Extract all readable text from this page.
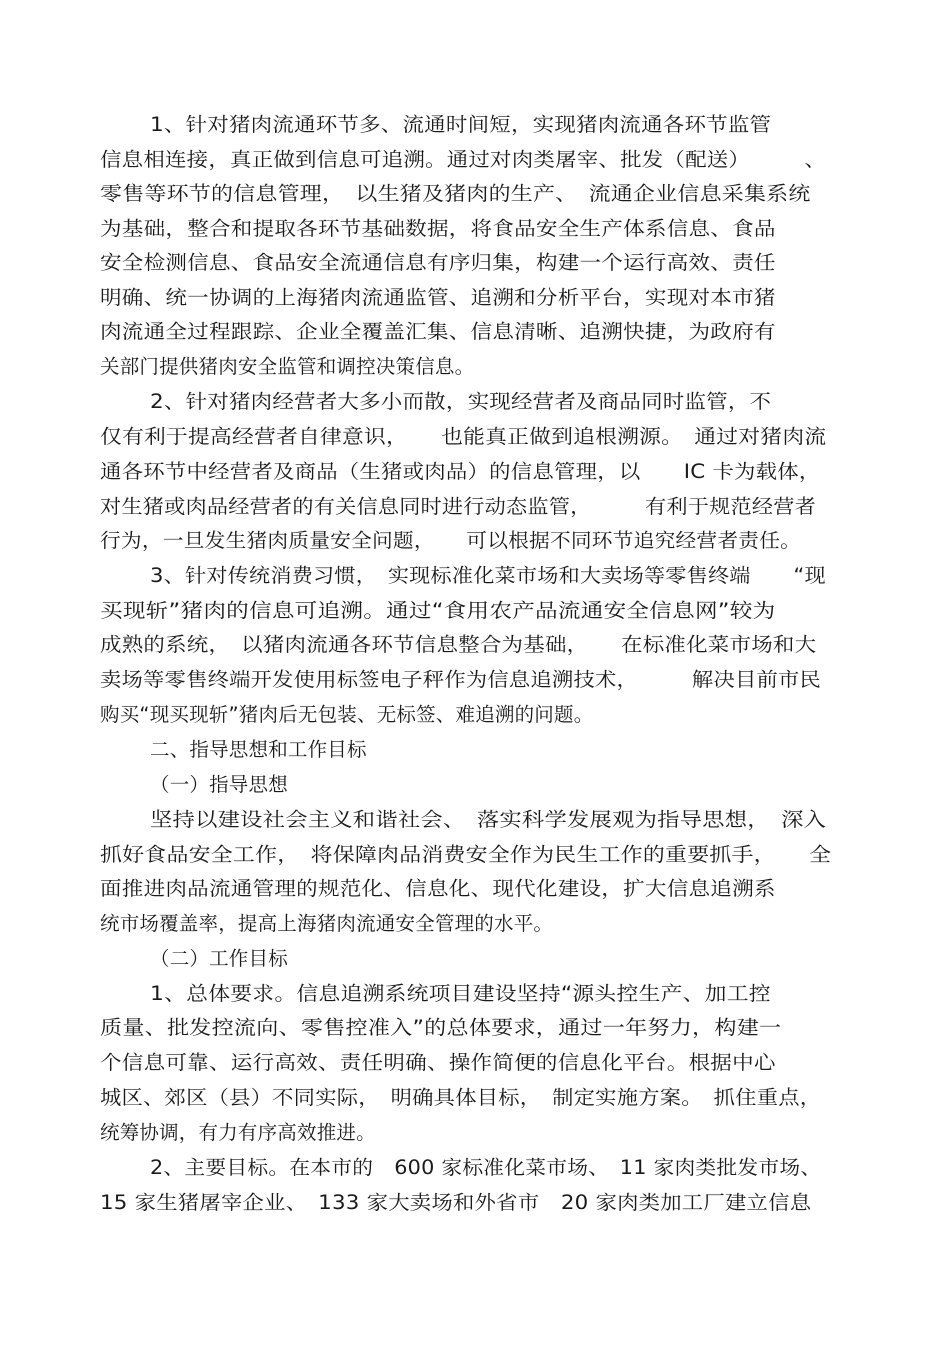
1、针对猪肉流通环节多、流通时间短，实现猪肉流通各环节监管
信息相连接，真正做到信息可追溯。通过对肉类屠宰、批发（配送）　　　、
零售等环节的信息管理，　以生猪及猪肉的生产、　流通企业信息采集系统
为基础，整合和提取各环节基础数据，将食品安全生产体系信息、食品
安全检测信息、食品安全流通信息有序归集，构建一个运行高效、责任
明确、统一协调的上海猪肉流通监管、追溯和分析平台，实现对本市猪
肉流通全过程跟踪、企业全覆盖汇集、信息清晰、追溯快捷，为政府有
关部门提供猪肉安全监管和调控决策信息。
2、针对猪肉经营者大多小而散，实现经营者及商品同时监管，不
仅有利于提高经营者自律意识，　　也能真正做到追根溯源。　通过对猪肉流
通各环节中经营者及商品（生猪或肉品）的信息管理，以　　IC 卡为载体，
对生猪或肉品经营者的有关信息同时进行动态监管，　　　有利于规范经营者
行为，一旦发生猪肉质量安全问题，　　可以根据不同环节追究经营者责任。
3、针对传统消费习惯，　实现标准化菜市场和大卖场等零售终端　　“现
买现斩”猪肉的信息可追溯。通过“食用农产品流通安全信息网”较为
成熟的系统，　以猪肉流通各环节信息整合为基础，　　在标准化菜市场和大
卖场等零售终端开发使用标签电子秤作为信息追溯技术，　　　解决目前市民
购买“现买现斩”猪肉后无包装、无标签、难追溯的问题。
二、指导思想和工作目标
（一）指导思想
坚持以建设社会主义和谐社会、　落实科学发展观为指导思想，　深入
抓好食品安全工作，　将保障肉品消费安全作为民生工作的重要抓手，　　全
面推进肉品流通管理的规范化、信息化、现代化建设，扩大信息追溯系
统市场覆盖率，提高上海猪肉流通安全管理的水平。
（二）工作目标
1、总体要求。信息追溯系统项目建设坚持“源头控生产、加工控
质量、批发控流向、零售控准入”的总体要求，通过一年努力，构建一
个信息可靠、运行高效、责任明确、操作简便的信息化平台。根据中心
城区、郊区（县）不同实际，　明确具体目标，　制定实施方案。　抓住重点，
统筹协调，有力有序高效推进。
2、主要目标。在本市的　600 家标准化菜市场、　11 家肉类批发市场、
15 家生猪屠宰企业、　133 家大卖场和外省市　20 家肉类加工厂建立信息
